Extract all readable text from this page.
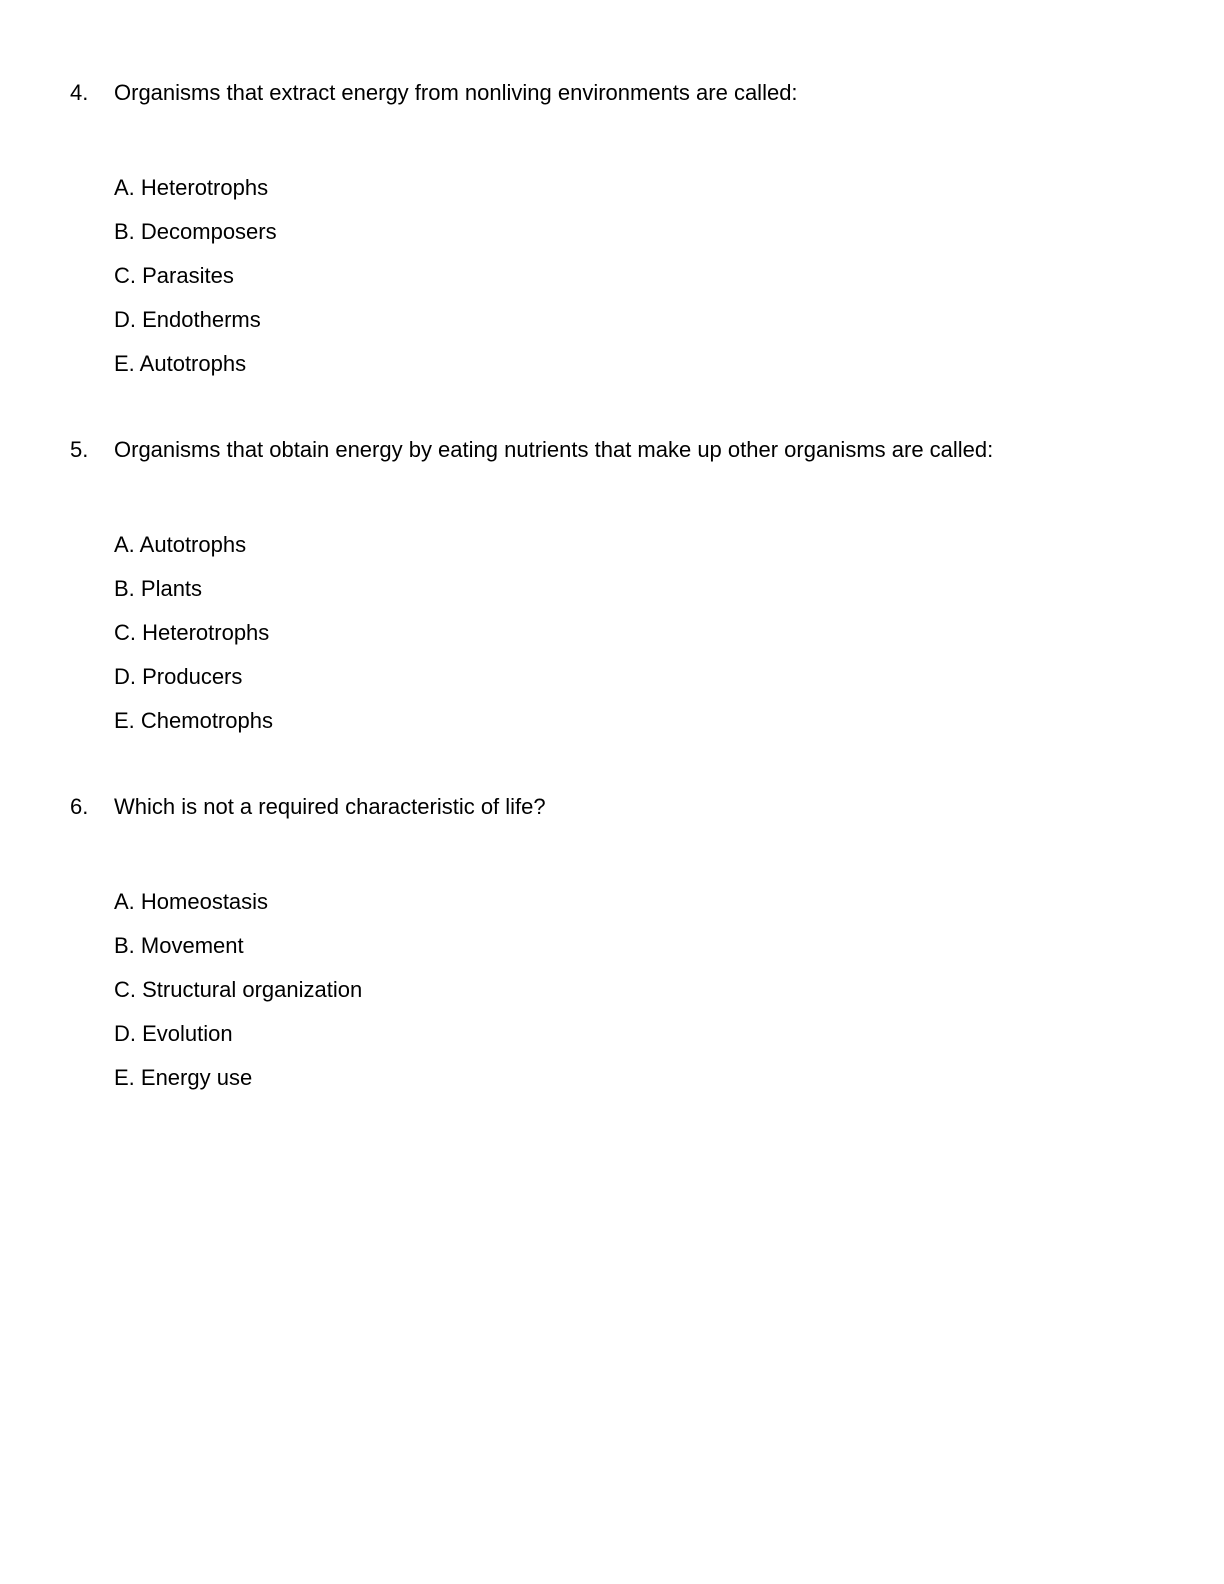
4. Organisms that extract energy from nonliving environments are called:
A. Heterotrophs
B. Decomposers
C. Parasites
D. Endotherms
E. Autotrophs
5. Organisms that obtain energy by eating nutrients that make up other organisms are called:
A. Autotrophs
B. Plants
C. Heterotrophs
D. Producers
E. Chemotrophs
6. Which is not a required characteristic of life?
A. Homeostasis
B. Movement
C. Structural organization
D. Evolution
E. Energy use
